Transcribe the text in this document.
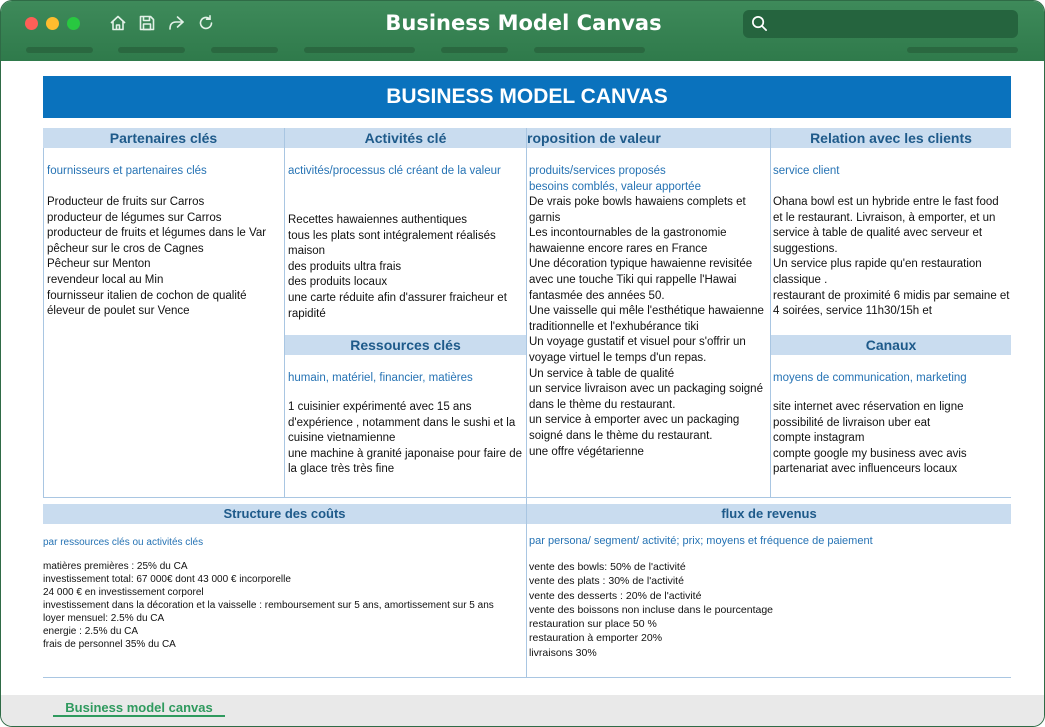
Business Model Canvas
BUSINESS MODEL CANVAS
Partenaires clés
fournisseurs et partenaires clés
Producteur de fruits sur Carros
producteur de légumes sur Carros
producteur de fruits et légumes dans le Var
pêcheur sur le cros de Cagnes
Pêcheur sur Menton
revendeur local au Min
fournisseur italien de cochon de qualité
éleveur de poulet sur Vence
Activités clé
activités/processus clé créant de la valeur
Recettes hawaiennes authentiques
tous les plats sont intégralement réalisés maison
des produits ultra frais
des produits locaux
une carte réduite afin d'assurer fraicheur et rapidité
Ressources clés
humain, matériel, financier, matières
1 cuisinier expérimenté avec 15 ans d'expérience , notamment dans le sushi et la cuisine vietnamienne
une machine à granité japonaise pour faire de la glace très très fine
roposition de valeur
produits/services proposés
besoins comblés, valeur apportée
De vrais poke bowls hawaiens complets et garnis
Les incontournables de la gastronomie hawaienne encore rares en France
Une décoration typique hawaienne revisitée avec une touche Tiki qui rappelle l'Hawai fantasmée des années 50.
Une vaisselle qui mêle l'esthétique hawaienne traditionnelle et l'exhubérance tiki
Un voyage gustatif et visuel pour s'offrir un voyage virtuel le temps d'un repas.
Un service à table de qualité
un service livraison avec un packaging soigné dans le thème du restaurant.
un service à emporter avec un packaging soigné dans le thème du restaurant.
une offre végétarienne
Relation avec les clients
service client
Ohana bowl est un hybride entre le fast food et le restaurant. Livraison, à emporter, et un service à table de qualité avec serveur et suggestions.
Un service plus rapide qu'en restauration classique .
restaurant de proximité 6 midis par semaine et 4 soirées, service 11h30/15h et
Canaux
moyens de communication, marketing
site internet avec réservation en ligne
possibilité de livraison uber eat
compte instagram
compte google my business avec avis
partenariat avec influenceurs locaux
Structure des coûts
par ressources clés ou activités clés
matières premières : 25% du CA
investissement total: 67 000€ dont 43 000 € incorporelle
24 000 € en investissement corporel
investissement dans la décoration et la vaisselle : remboursement sur 5 ans, amortissement sur 5 ans
loyer mensuel: 2.5% du CA
energie : 2.5% du CA
frais de personnel 35% du CA
flux de revenus
par persona/ segment/ activité; prix; moyens et fréquence de paiement
vente des bowls: 50% de l'activité
vente des plats : 30% de l'activité
vente des desserts : 20% de l'activité
vente des boissons non incluse dans le pourcentage
restauration sur place 50 %
restauration à emporter 20%
livraisons 30%
Business model canvas
